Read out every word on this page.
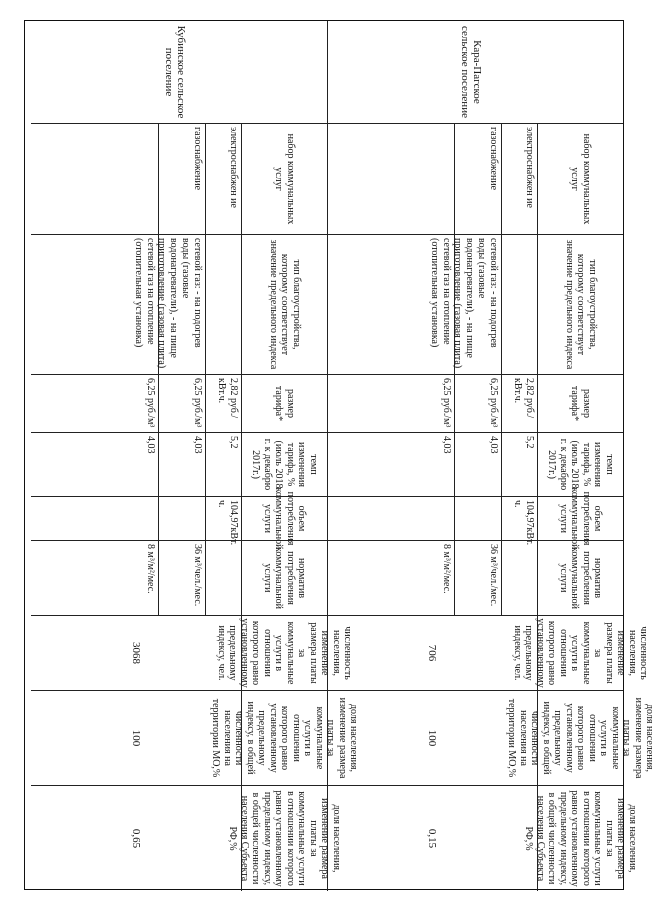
Кара-Пагское сельское поселение
набор коммунальных услуг
электроснабжен ие
газоснабжение
тип благоустройства, которому соответствует значение предельного индекса
сетевой газ: - на подогрев воды (газовые водонагреватели), - на пище приготовление (газовая плита)
сетевой газ на отопление (отопительная установка)
размер тарифа*
2,82 руб./кВт.ч.
6,25 руб./м³
6,25 руб./м³
темп изменения тарифа, % (июль 2018 г. к декабрю 2017г.)
5,2
4,03
4,03
объем потребления коммунальной услуги
104,97кВт. ч.
норматив потребления коммунальной услуги
36 м³/чел./мес.
8 м³/м²/мес.
численность населения, изменение размера платы за коммунальные услуги в отношении которого равно установленному предельному индексу, чел.
706
доля населения, изменение размера платы за коммунальные услуги в отношении которого равно установленному предельному индексу, в общей численности населения на территории МО,%
100
доля населения, изменение размера платы за коммунальные услуги в отношении которого равно установленному предельному индексу, в общей численности населения Субъекта РФ,%
0,15
Кубинское сельское поселение
набор коммунальных услуг
электроснабжен ие
газоснабжение
тип благоустройства, которому соответствует значение предельного индекса
сетевой газ: - на подогрев воды (газовые водонагреватели), - на пище приготовление (газовая плита)
сетевой газ на отопление (отопительная установка)
размер тарифа*
2,82 руб./кВт.ч.
6,25 руб./м³
6,25 руб./м³
темп изменения тарифа, % (июль 2018 г. к декабрю 2017г.)
5,2
4,03
4,03
объем потребления коммунальной услуги
104,97кВт. ч.
норматив потребления коммунальной услуги
36 м³/чел./мес.
8 м³/м²/мес.
численность населения, изменение размера платы за коммунальные услуги в отношении которого равно установленному предельному индексу, чел.
3068
доля населения, изменение размера платы за коммунальные услуги в отношении которого равно установленному предельному индексу, в общей численности населения на территории МО,%
100
доля населения, изменение размера платы за коммунальные услуги в отношении которого равно установленному предельному индексу, в общей численности населения Субъекта РФ,%
0,65
